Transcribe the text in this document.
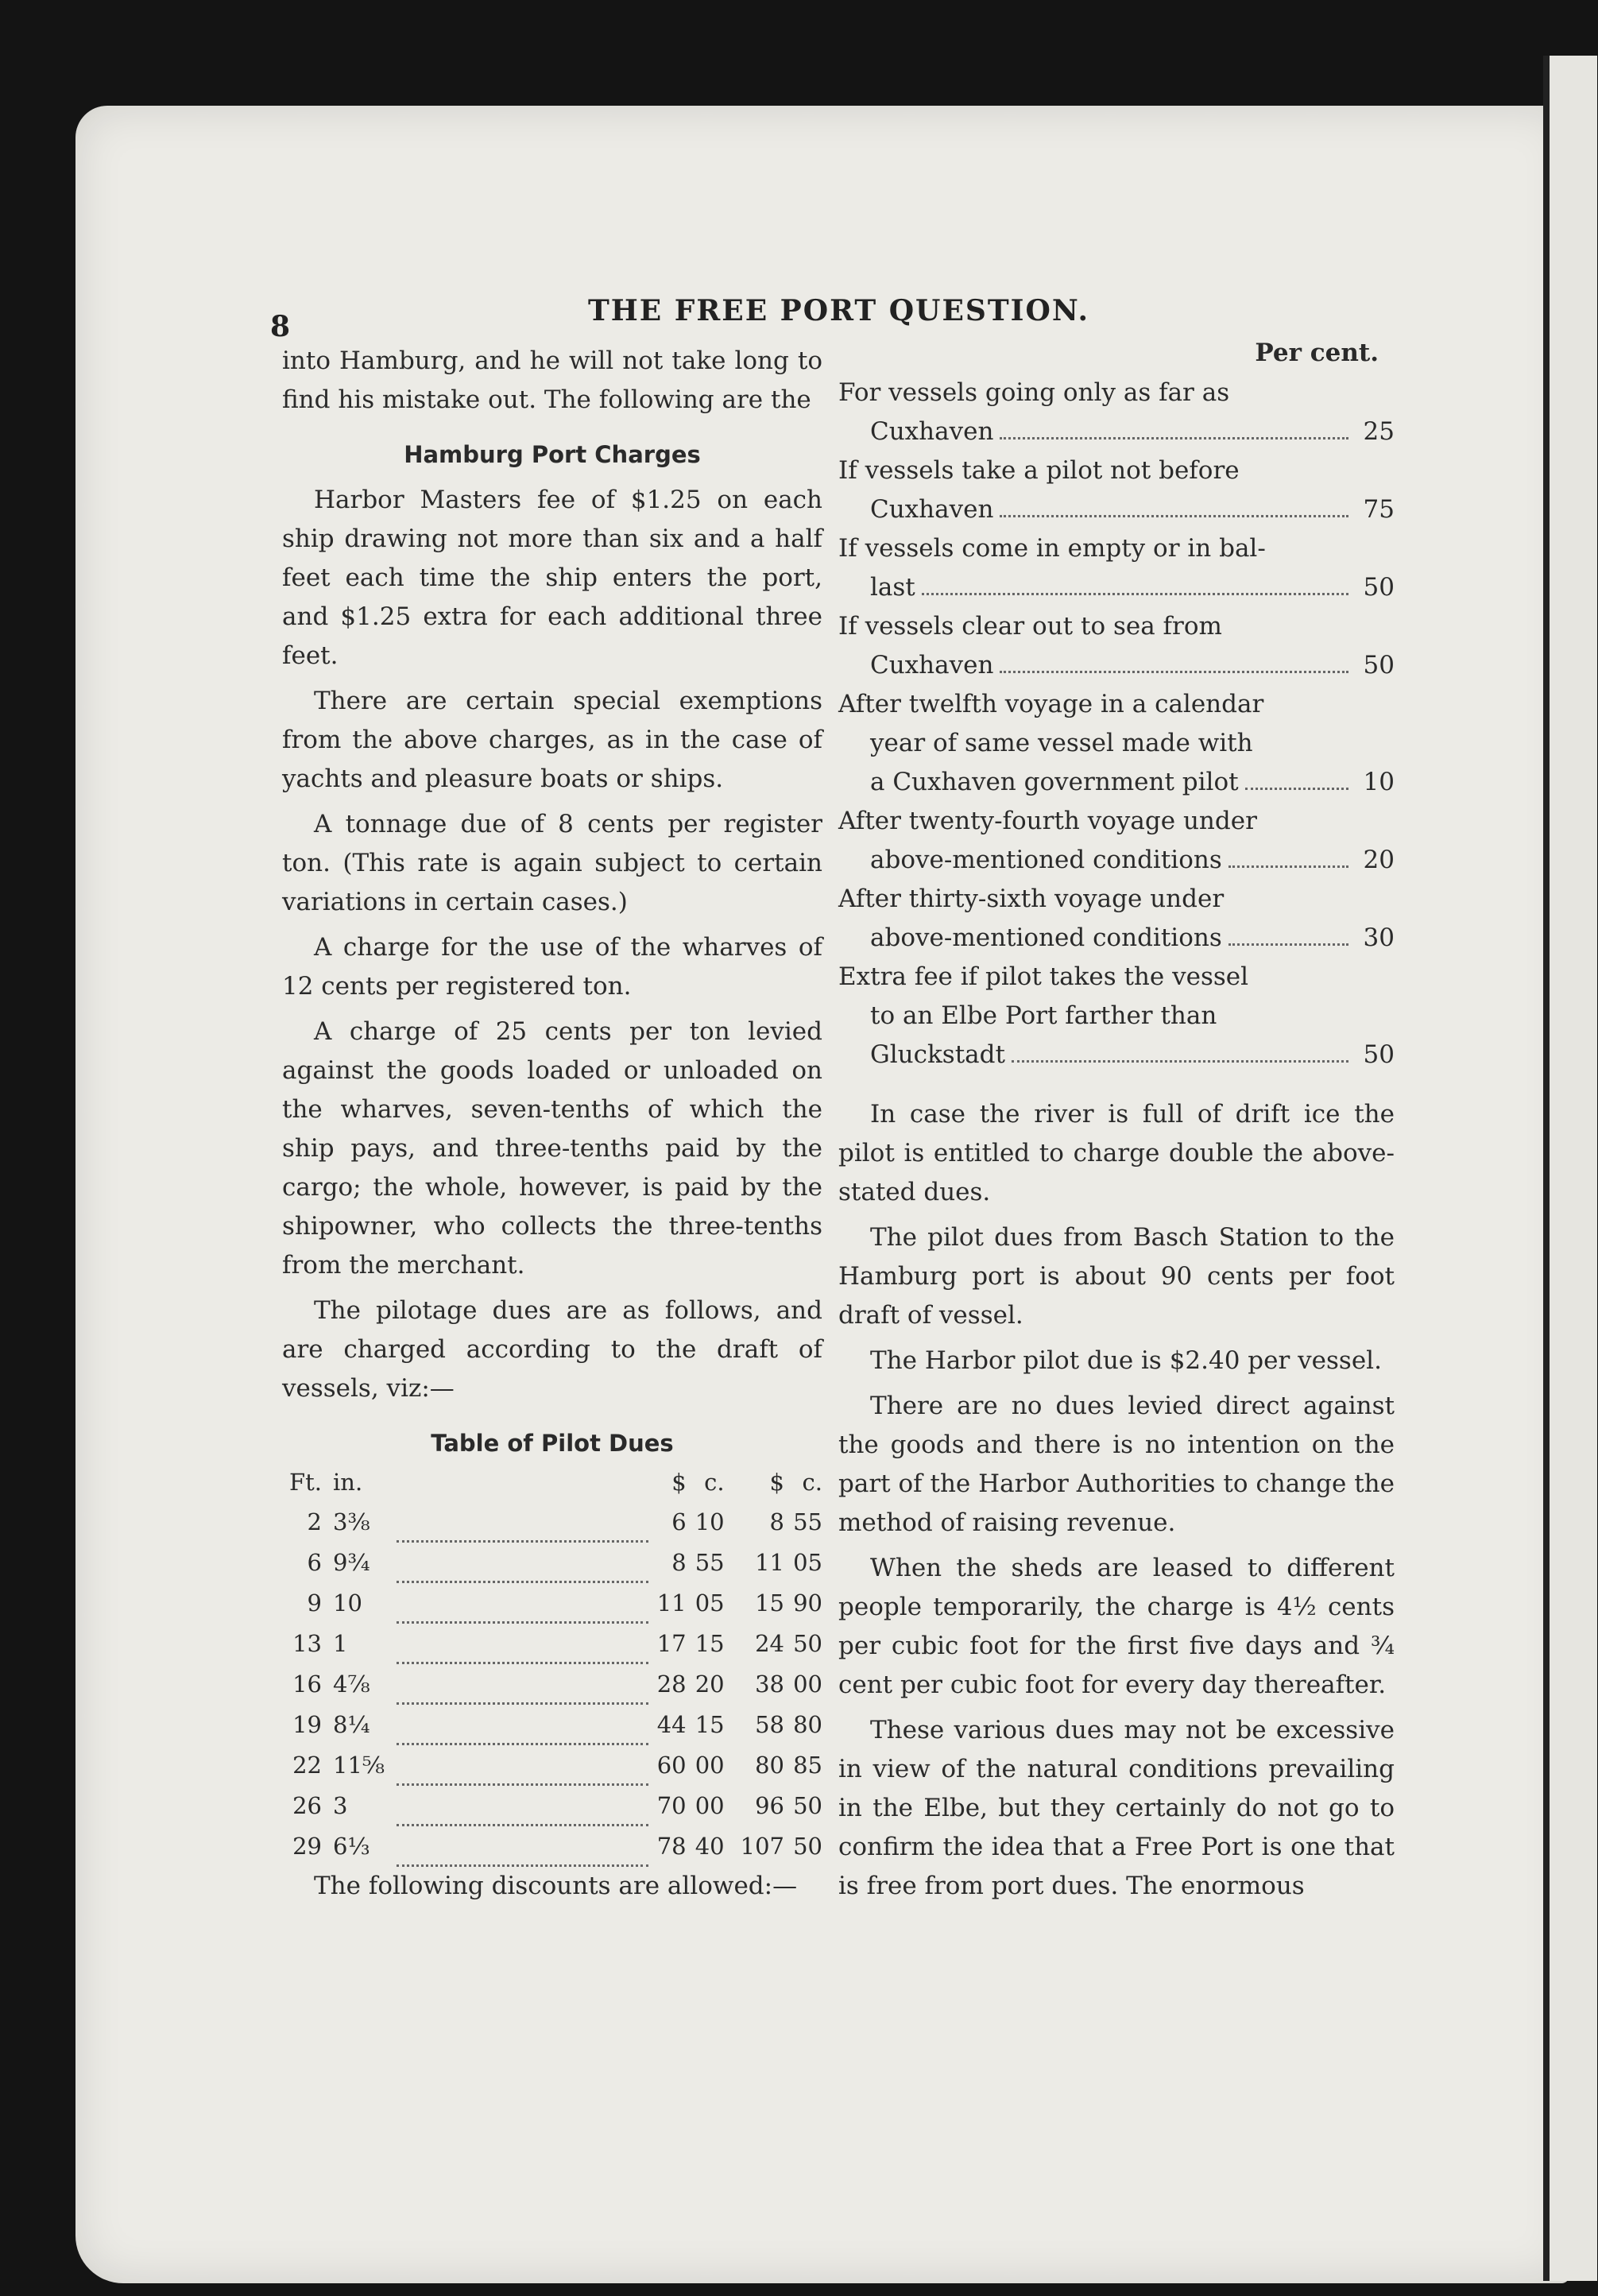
8	THE FREE PORT QUESTION.

into Hamburg, and he will not take long to find his mistake out. The following are the

Hamburg Port Charges

Harbor Masters fee of $1.25 on each ship drawing not more than six and a half feet each time the ship enters the port, and $1.25 extra for each additional three feet.

There are certain special exemptions from the above charges, as in the case of yachts and pleasure boats or ships.

A tonnage due of 8 cents per register ton. (This rate is again subject to certain variations in certain cases.)

A charge for the use of the wharves of 12 cents per registered ton.

A charge of 25 cents per ton levied against the goods loaded or unloaded on the wharves, seven-tenths of which the ship pays, and three-tenths paid by the cargo; the whole, however, is paid by the shipowner, who collects the three-tenths from the merchant.

The pilotage dues are as follows, and are charged according to the draft of vessels, viz:—

Table of Pilot Dues
Ft.	in.		$	c.		$	c.
2	3⅜		6	10		8	55
6	9¾		8	55		11	05
9	10		11	05		15	90
13	1		17	15		24	50
16	4⅞		28	20		38	00
19	8¼		44	15		58	80
22	11⅝		60	00		80	85
26	3		70	00		96	50
29	6⅓		78	40		107	50

The following discounts are allowed:—

Per cent.
For vessels going only as far as
Cuxhaven	25
If vessels take a pilot not before
Cuxhaven	75
If vessels come in empty or in bal-
last	50
If vessels clear out to sea from
Cuxhaven	50
After twelfth voyage in a calendar
year of same vessel made with
a Cuxhaven government pilot	10
After twenty-fourth voyage under
above-mentioned conditions	20
After thirty-sixth voyage under
above-mentioned conditions	30
Extra fee if pilot takes the vessel
to an Elbe Port farther than
Gluckstadt	50

In case the river is full of drift ice the pilot is entitled to charge double the above-stated dues.

The pilot dues from Basch Station to the Hamburg port is about 90 cents per foot draft of vessel.

The Harbor pilot due is $2.40 per vessel.

There are no dues levied direct against the goods and there is no intention on the part of the Harbor Authorities to change the method of raising revenue.

When the sheds are leased to different people temporarily, the charge is 4½ cents per cubic foot for the first five days and ¾ cent per cubic foot for every day thereafter.

These various dues may not be excessive in view of the natural conditions prevailing in the Elbe, but they certainly do not go to confirm the idea that a Free Port is one that is free from port dues. The enormous
